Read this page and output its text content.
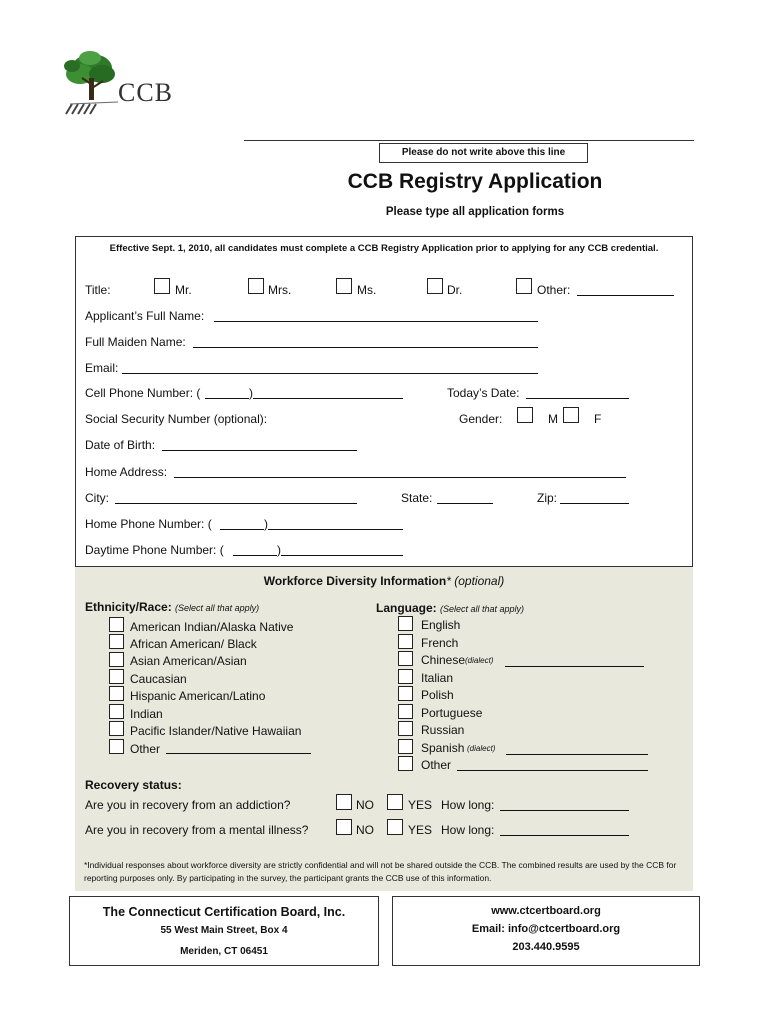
CCB
Please do not write above this line
CCB Registry Application
Please type all application forms
Effective Sept. 1, 2010, all candidates must complete a CCB Registry Application prior to applying for any CCB credential.
Title:	Mr.	Mrs.	Ms.	Dr.	Other:
Applicant’s Full Name:
Full Maiden Name:
Email:
Cell Phone Number: (	)	Today’s Date:
Social Security Number (optional):	Gender:	M	F
Date of Birth:
Home Address:
City:	State:	Zip:
Home Phone Number: (	)
Daytime Phone Number: (	)
Workforce Diversity Information* (optional)
Ethnicity/Race: (Select all that apply)
American Indian/Alaska Native
African American/ Black
Asian American/Asian
Caucasian
Hispanic American/Latino
Indian
Pacific Islander/Native Hawaiian
Other
Language: (Select all that apply)
English
French
Chinese (dialect)
Italian
Polish
Portuguese
Russian
Spanish (dialect)
Other
Recovery status:
Are you in recovery from an addiction?	NO	YES How long:
Are you in recovery from a mental illness?	NO	YES How long:
*Individual responses about workforce diversity are strictly confidential and will not be shared outside the CCB. The combined results are used by the CCB for reporting purposes only. By participating in the survey, the participant grants the CCB use of this information.
The Connecticut Certification Board, Inc.
55 West Main Street, Box 4
Meriden, CT 06451
www.ctcertboard.org
Email: info@ctcertboard.org
203.440.9595
